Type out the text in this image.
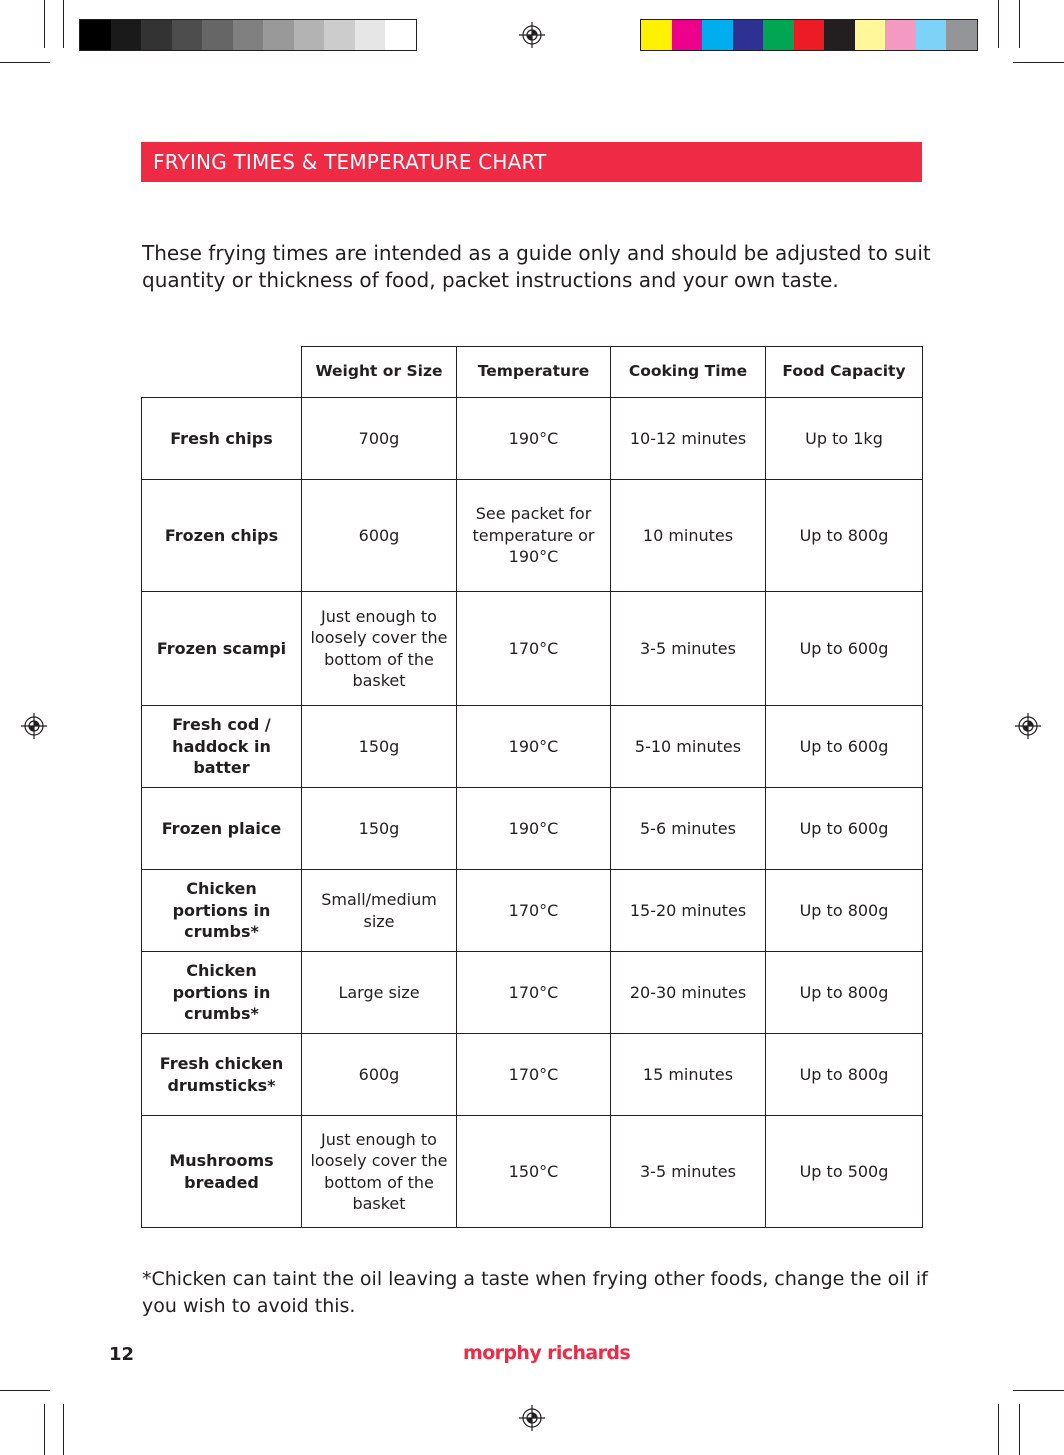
FRYING TIMES & TEMPERATURE CHART

These frying times are intended as a guide only and should be adjusted to suit quantity or thickness of food, packet instructions and your own taste.

	Weight or Size	Temperature	Cooking Time	Food Capacity
Fresh chips	700g	190°C	10-12 minutes	Up to 1kg
Frozen chips	600g	See packet for temperature or 190°C	10 minutes	Up to 800g
Frozen scampi	Just enough to loosely cover the bottom of the basket	170°C	3-5 minutes	Up to 600g
Fresh cod / haddock in batter	150g	190°C	5-10 minutes	Up to 600g
Frozen plaice	150g	190°C	5-6 minutes	Up to 600g
Chicken portions in crumbs*	Small/medium size	170°C	15-20 minutes	Up to 800g
Chicken portions in crumbs*	Large size	170°C	20-30 minutes	Up to 800g
Fresh chicken drumsticks*	600g	170°C	15 minutes	Up to 800g
Mushrooms breaded	Just enough to loosely cover the bottom of the basket	150°C	3-5 minutes	Up to 500g

*Chicken can taint the oil leaving a taste when frying other foods, change the oil if you wish to avoid this.

12	morphy richards
